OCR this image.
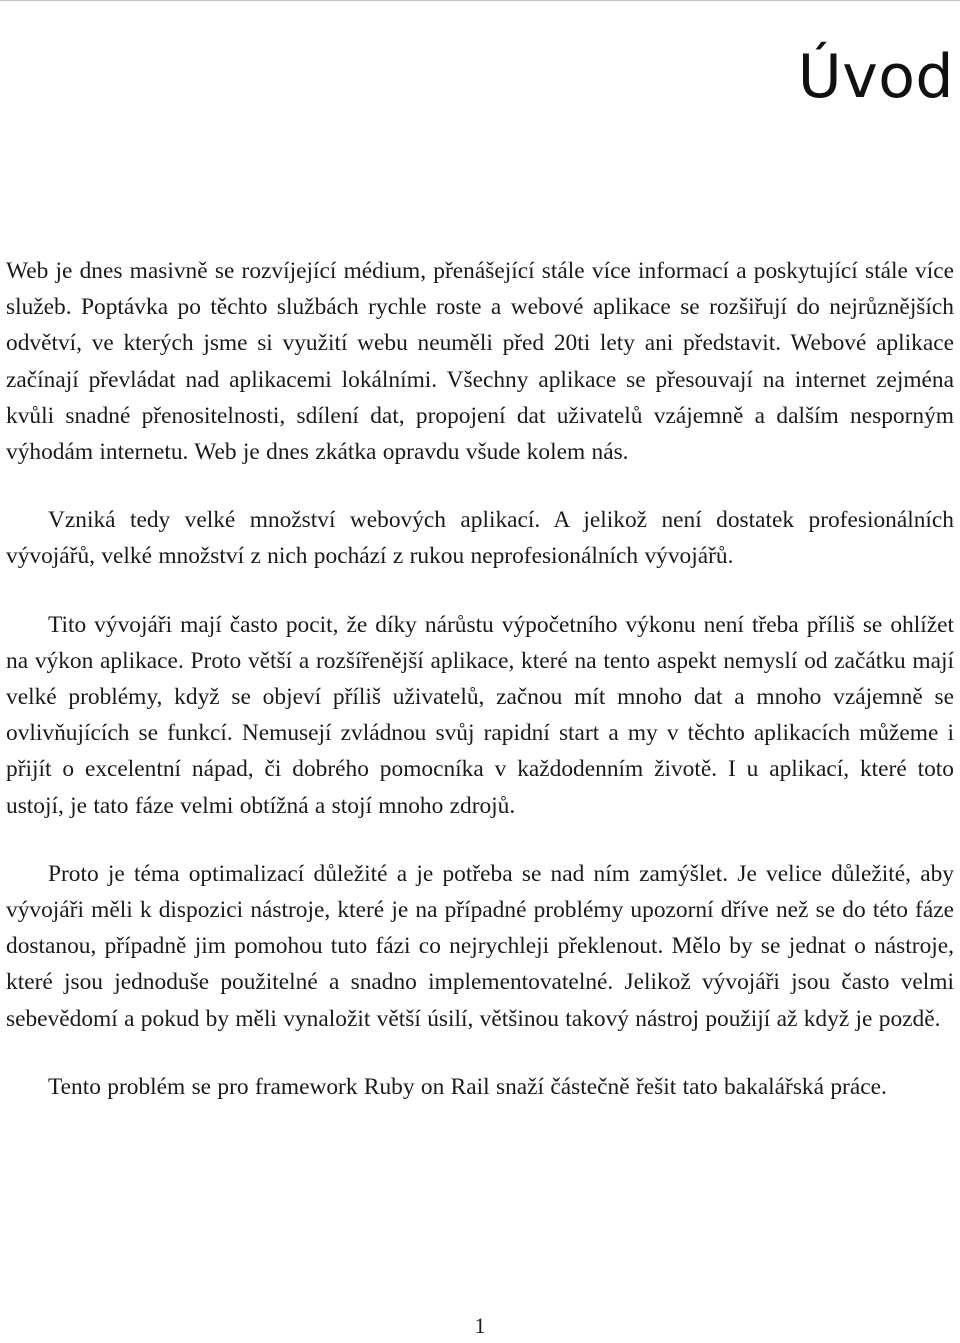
Úvod

Web je dnes masivně se rozvíjející médium, přenášející stále více informací a poskytující stále více služeb. Poptávka po těchto službách rychle roste a webové aplikace se rozšiřují do nejrůznějších odvětví, ve kterých jsme si využití webu neuměli před 20ti lety ani představit. Webové aplikace začínají převládat nad aplikacemi lokálními. Všechny aplikace se přesouvají na internet zejména kvůli snadné přenositelnosti, sdílení dat, propojení dat uživatelů vzájemně a dalším nesporným výhodám internetu. Web je dnes zkátka opravdu všude kolem nás.

Vzniká tedy velké množství webových aplikací. A jelikož není dostatek profesionálních vývojářů, velké množství z nich pochází z rukou neprofesionálních vývojářů.

Tito vývojáři mají často pocit, že díky nárůstu výpočetního výkonu není třeba příliš se ohlížet na výkon aplikace. Proto větší a rozšířenější aplikace, které na tento aspekt nemyslí od začátku mají velké problémy, když se objeví příliš uživatelů, začnou mít mnoho dat a mnoho vzájemně se ovlivňujících se funkcí. Nemusejí zvládnou svůj rapidní start a my v těchto aplikacích můžeme i přijít o excelentní nápad, či dobrého pomocníka v každodenním životě. I u aplikací, které toto ustojí, je tato fáze velmi obtížná a stojí mnoho zdrojů.

Proto je téma optimalizací důležité a je potřeba se nad ním zamýšlet. Je velice důležité, aby vývojáři měli k dispozici nástroje, které je na případné problémy upozorní dříve než se do této fáze dostanou, případně jim pomohou tuto fázi co nejrychleji překlenout. Mělo by se jednat o nástroje, které jsou jednoduše použitelné a snadno implementovatelné. Jelikož vývojáři jsou často velmi sebevědomí a pokud by měli vynaložit větší úsilí, většinou takový nástroj použijí až když je pozdě.

Tento problém se pro framework Ruby on Rail snaží částečně řešit tato bakalářská práce.

1
